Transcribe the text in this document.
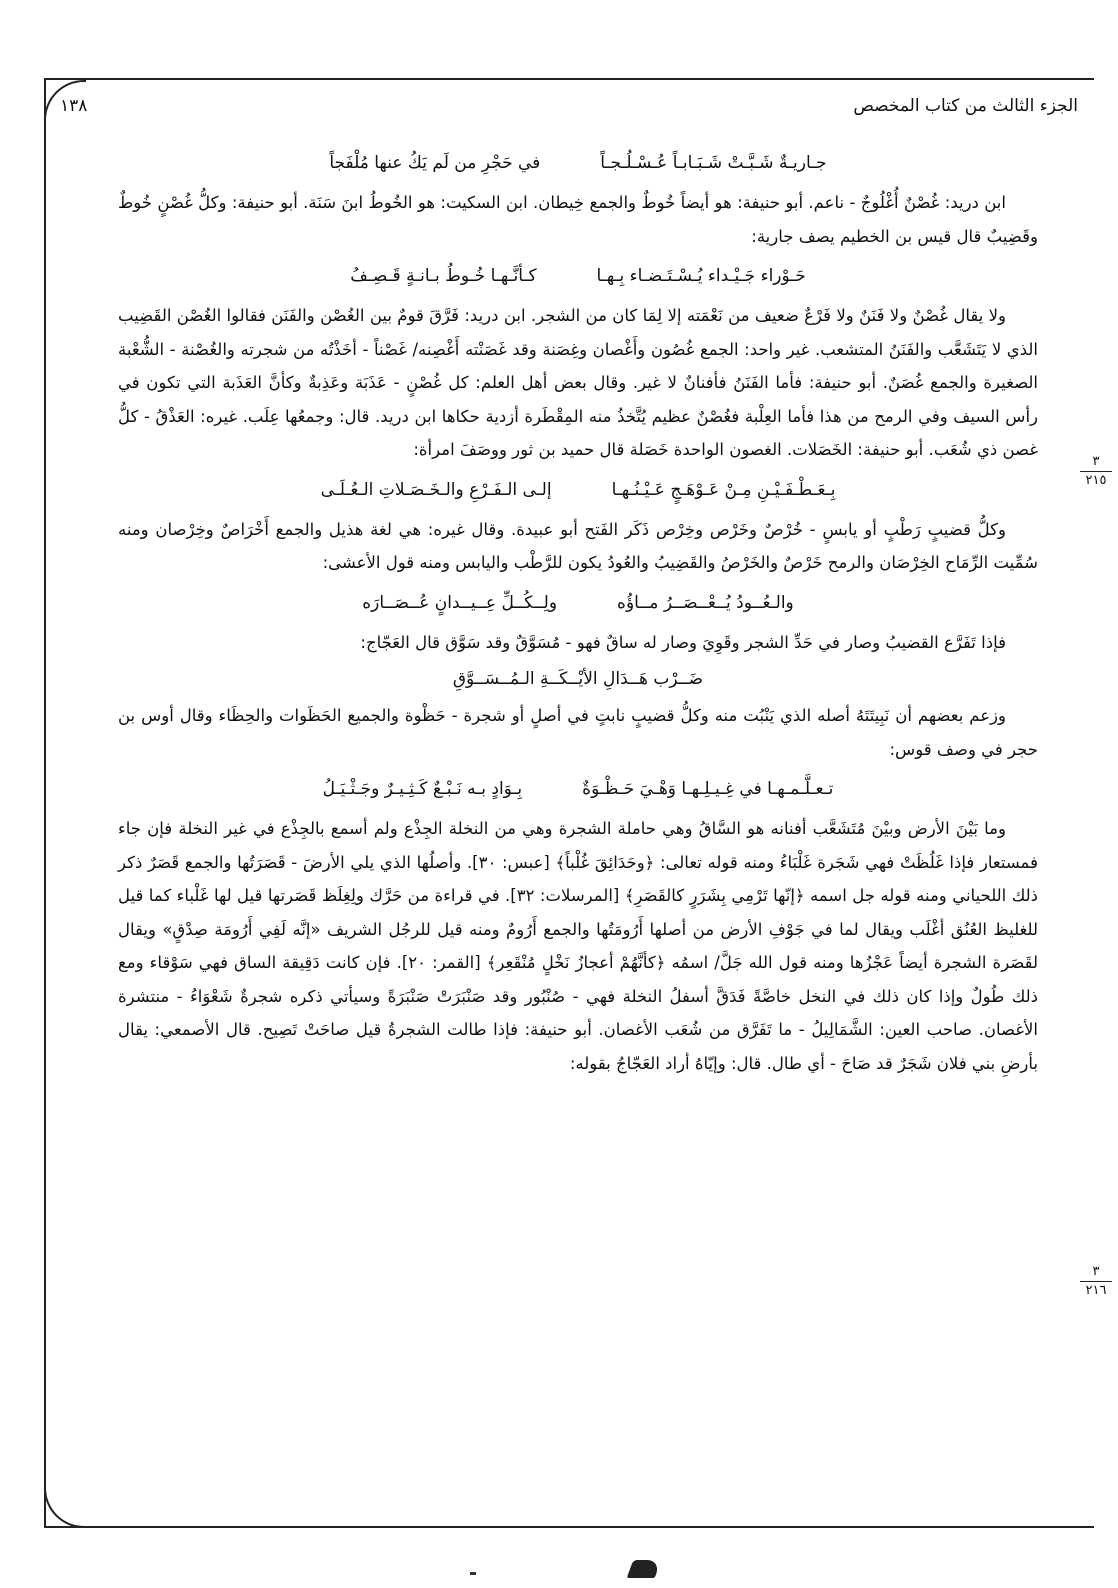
الجزء الثالث من كتاب المخصص
١٣٨
٣
٢١٥
٣
٢١٦
جـاريـةٌ شَـبَّـتْ شَـبَـابـاً عُـسْـلُـجـاً
في حَجْرِ من لَم يَكُ عنها مُلْفَجاً

ابن دريد: غُصْنٌ أُغْلُوجٌ - ناعم. أبو حنيفة: هو أيضاً خُوطٌ والجمع خِيطان. ابن السكيت: هو الخُوطُ ابنَ سَنَة. أبو حنيفة: وكلُّ غُصْنٍ خُوطٌ وقَضِيبٌ قال قيس بن الخطيم يصف جارية:

حَـوْراء جَـيْـداء يُـسْـتَـضـاء بِـهـا
كـأنَّـهـا خُـوطُ بـانـةٍ قَـصِـفُ

ولا يقال غُصْنٌ ولا فَنَنٌ ولا فَرْعٌ ضعيف من نَعْمَته إلا لِمَا كان من الشجر. ابن دريد: فَرَّقَ قومٌ بين الغُصْن والفَنَن فقالوا الغُصْن القَضِيب الذي لا يَتَشَعَّب والفَنَنُ المتشعب. غير واحد: الجمع غُصُون وأَغْصان وغِصَنة وقد غَصَنْته أَغْصِنه/ غَصْناً - أخَذْتُه من شجرته والغُصْنة - الشُّعْبة الصغيرة والجمع غُصَنٌ. أبو حنيفة: فأما الفَنَنُ فأفنانٌ لا غير. وقال بعض أهل العلم: كل غُصْنٍ - عَذَبَة وعَذِبةٌ وكأنَّ العَذَبة التي تكون في رأس السيف وفي الرمح من هذا فأما العِلْبة فغُصْنٌ عظيم يُتَّخذُ منه المِقْطَرة أزدية حكاها ابن دريد. قال: وجمعُها عِلَب. غيره: العَذْقُ - كلُّ غصن ذي شُعَب. أبو حنيفة: الخَصَلات. الغصون الواحدة خَصَلة قال حميد بن ثور ووصَفَ امرأة:

بِـعَـطْـفَـيْـنِ مِـنْ عَـوْهَـجٍ عَـيْـنُـهـا
إلـى الـفَـرْعِ والـخَـصَـلاتِ الـعُـلَـى

وكلُّ قضيبٍ رَطْبٍ أو يابسٍ - خُرْصٌ وخَرْص وخِرْص ذَكَر الفَتح أبو عبيدة. وقال غيره: هي لغة هذيل والجمع أَخْرَاصٌ وخِرْصان ومنه سُمِّيت الرِّمَاح الخِرْصَان والرمح خَرْصٌ والخَرْصُ والقَضِيبُ والعُودُ يكون للرَّطْب واليابس ومنه قول الأعشى:

والـعُــودُ يُــعْــصَــرُ مــاؤُه
ولِــكُــلِّ عِــيــدانٍ عُــصَــارَه

فإذا تَفَرَّع القضيبُ وصار في حَدِّ الشجر وقَوِيَ وصار له ساقٌ فهو - مُسَوَّقٌ وقد سَوَّق قال العَجّاج:

ضَــرْب هَــدَالِ الأيْــكَــةِ الـمُــسَــوَّقِ

وزعم بعضهم أن نَبِيتَتَهُ أصله الذي يَنْبُت منه وكلُّ قضيبٍ نابتٍ في أصلٍ أو شجرة - حَظْوة والجميع الحَظَوات والحِظَاء وقال أوس بن حجر في وصف قوس:

تـعـلَّـمـهـا في غِـيـلِـهـا وَهْـيَ حَـظْـوَةٌ
بِـوَادٍ بـه نَـبْـعٌ كَـثِـيـرٌ وجَـثْـيَـلُ

وما بَيْنَ الأرض وبيْنَ مُتَشَعَّب أفنانه هو السَّاقُ وهي حاملة الشجرة وهي من النخلة الجِذْع ولم أسمع بالجِذْع في غير النخلة فإن جاء فمستعار فإذا غَلُظَتْ فهي شَجَرة غَلْبَاءُ ومنه قوله تعالى: ﴿وحَدَائِقَ غُلْباً﴾ [عبس: ٣٠]. وأصلُها الذي يلي الأرضَ - قَصَرَتُها والجمع قَصَرٌ ذكر ذلك اللحياني ومنه قوله جل اسمه ﴿إنّها تَرْمِي بِشَرَرٍ كالقَصَرِ﴾ [المرسلات: ٣٢]. في قراءة من حَرَّك ولِغِلَظ قَصَرتها قيل لها غَلْباء كما قيل للغليظ العُنُق أغْلَب ويقال لما في جَوْفِ الأرض من أصلها أَرُومَتُها والجمع أَرُومٌ ومنه قيل للرجُل الشريف «إنَّه لَفِي أَرُومَة صِدْقٍ» ويقال لقَصَرة الشجرة أيضاً عَجْزُها ومنه قول الله جَلَّ/ اسمُه ﴿كأنَّهُمْ أعجازُ نَخْلٍ مُنْقَعِر﴾ [القمر: ٢٠]. فإن كانت دَقِيقة الساق فهي سَوْقاء ومع ذلك طُولٌ وإذا كان ذلك في النخل خاصَّةً فَدَقَّ أسفلُ النخلة فهي - صُنْبُور وقد صَنْبَرَتْ صَنْبَرَةً وسيأتي ذكره شجرةٌ شَعْوَاءُ - منتشرة الأغصان. صاحب العين: الشَّمَالِيلُ - ما تَفَرَّق من شُعَب الأغصان. أبو حنيفة: فإذا طالت الشجرةُ قيل صاحَتْ تَصِيح. قال الأصمعي: يقال بأرضِ بني فلان شَجَرٌ قد صَاحَ - أي طال. قال: وإيّاهُ أراد العَجّاجُ بقوله:
